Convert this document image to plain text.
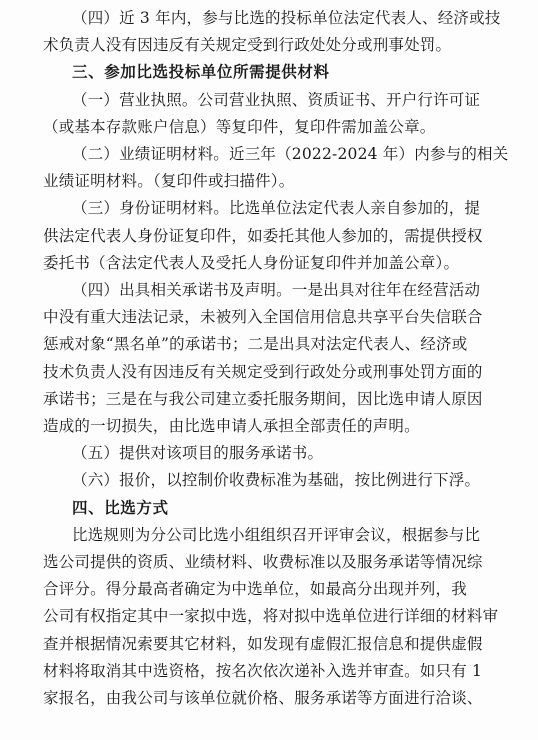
（四）近 3 年内，参与比选的投标单位法定代表人、经济或技
术负责人没有因违反有关规定受到行政处处分或刑事处罚。
三、参加比选投标单位所需提供材料
（一）营业执照。公司营业执照、资质证书、开户行许可证
（或基本存款账户信息）等复印件，复印件需加盖公章。
（二）业绩证明材料。近三年（2022-2024 年）内参与的相关
业绩证明材料。（复印件或扫描件）。
（三）身份证明材料。比选单位法定代表人亲自参加的，提
供法定代表人身份证复印件，如委托其他人参加的，需提供授权
委托书（含法定代表人及受托人身份证复印件并加盖公章）。
（四）出具相关承诺书及声明。一是出具对往年在经营活动
中没有重大违法记录，未被列入全国信用信息共享平台失信联合
惩戒对象“黑名单”的承诺书；二是出具对法定代表人、经济或
技术负责人没有因违反有关规定受到行政处分或刑事处罚方面的
承诺书；三是在与我公司建立委托服务期间，因比选申请人原因
造成的一切损失，由比选申请人承担全部责任的声明。
（五）提供对该项目的服务承诺书。
（六）报价，以控制价收费标准为基础，按比例进行下浮。
四、比选方式
比选规则为分公司比选小组组织召开评审会议，根据参与比
选公司提供的资质、业绩材料、收费标准以及服务承诺等情况综
合评分。得分最高者确定为中选单位，如最高分出现并列，我
公司有权指定其中一家拟中选，将对拟中选单位进行详细的材料审
查并根据情况索要其它材料，如发现有虚假汇报信息和提供虚假
材料将取消其中选资格，按名次依次递补入选并审查。如只有 1
家报名，由我公司与该单位就价格、服务承诺等方面进行洽谈、
